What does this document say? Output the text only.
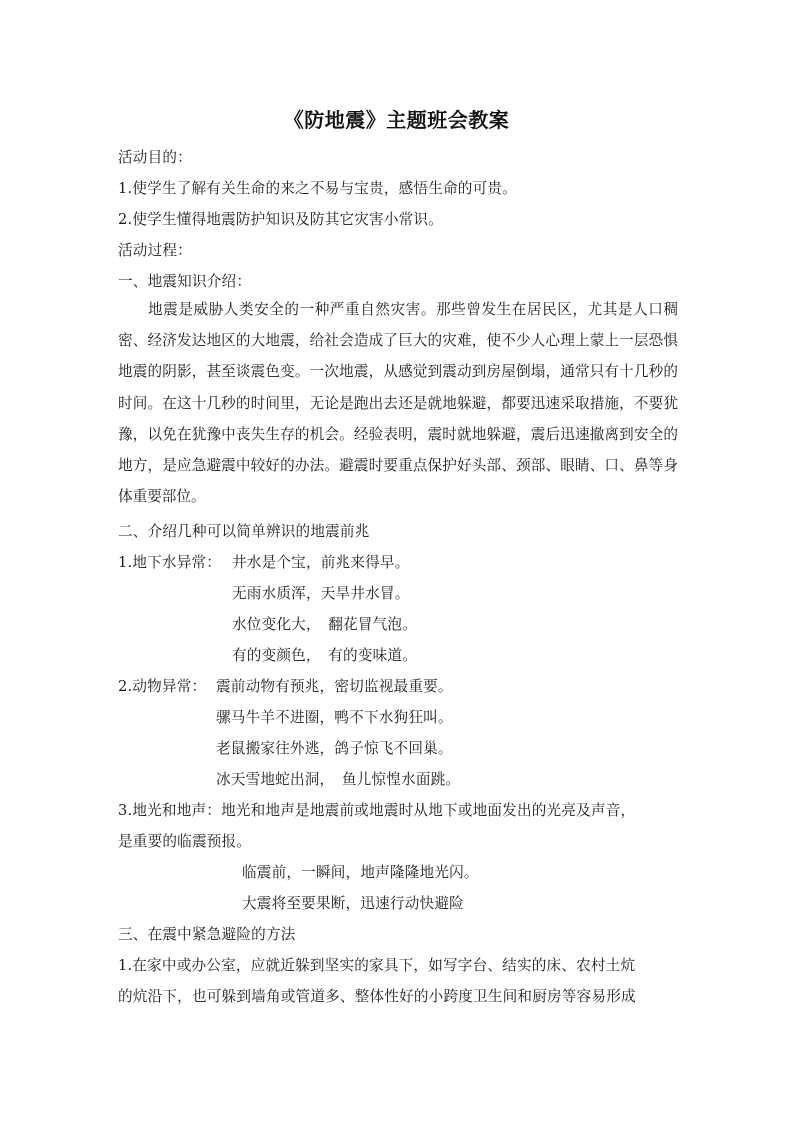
《防地震》主题班会教案
活动目的：
1.使学生了解有关生命的来之不易与宝贵，感悟生命的可贵。
2.使学生懂得地震防护知识及防其它灾害小常识。
活动过程：
一、地震知识介绍：
地震是威胁人类安全的一种严重自然灾害。那些曾发生在居民区，尤其是人口稠密、经济发达地区的大地震，给社会造成了巨大的灾难，使不少人心理上蒙上一层恐惧地震的阴影，甚至谈震色变。一次地震，从感觉到震动到房屋倒塌，通常只有十几秒的时间。在这十几秒的时间里，无论是跑出去还是就地躲避，都要迅速采取措施，不要犹豫，以免在犹豫中丧失生存的机会。经验表明，震时就地躲避，震后迅速撤离到安全的地方，是应急避震中较好的办法。避震时要重点保护好头部、颈部、眼睛、口、鼻等身体重要部位。
二、介绍几种可以简单辨识的地震前兆
1.地下水异常： 井水是个宝，前兆来得早。
无雨水质浑，天旱井水冒。
水位变化大，　翻花冒气泡。
有的变颜色，　有的变味道。
2.动物异常： 震前动物有预兆，密切监视最重要。
骡马牛羊不进圈，鸭不下水狗狂叫。
老鼠搬家往外逃，鸽子惊飞不回巢。
冰天雪地蛇出洞，　鱼儿惊惶水面跳。
3.地光和地声：地光和地声是地震前或地震时从地下或地面发出的光亮及声音，
是重要的临震预报。
临震前，一瞬间，地声隆隆地光闪。
大震将至要果断，迅速行动快避险
三、在震中紧急避险的方法
1.在家中或办公室，应就近躲到坚实的家具下，如写字台、结实的床、农村土炕
的炕沿下，也可躲到墙角或管道多、整体性好的小跨度卫生间和厨房等容易形成
